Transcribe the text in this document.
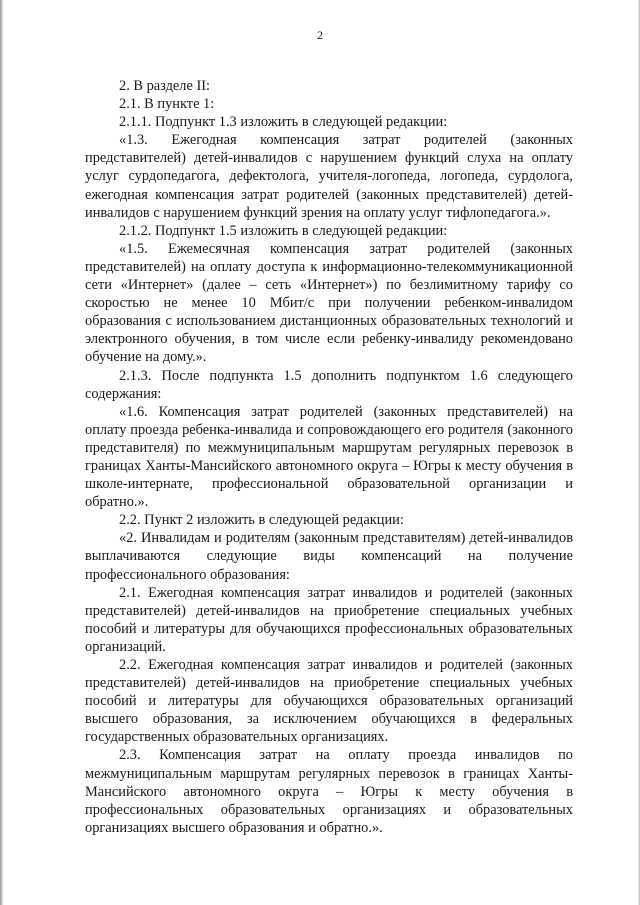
2

2. В разделе II:

2.1. В пункте 1:

2.1.1. Подпункт 1.3 изложить в следующей редакции:

«1.3. Ежегодная компенсация затрат родителей (законных представителей) детей-инвалидов с нарушением функций слуха на оплату услуг сурдопедагога, дефектолога, учителя-логопеда, логопеда, сурдолога, ежегодная компенсация затрат родителей (законных представителей) детей-инвалидов с нарушением функций зрения на оплату услуг тифлопедагога.».

2.1.2. Подпункт 1.5 изложить в следующей редакции:

«1.5. Ежемесячная компенсация затрат родителей (законных представителей) на оплату доступа к информационно-телекоммуникационной сети «Интернет» (далее – сеть «Интернет») по безлимитному тарифу со скоростью не менее 10 Мбит/с при получении ребенком-инвалидом образования с использованием дистанционных образовательных технологий и электронного обучения, в том числе если ребенку-инвалиду рекомендовано обучение на дому.».

2.1.3. После подпункта 1.5 дополнить подпунктом 1.6 следующего содержания:

«1.6. Компенсация затрат родителей (законных представителей) на оплату проезда ребенка-инвалида и сопровождающего его родителя (законного представителя) по межмуниципальным маршрутам регулярных перевозок в границах Ханты-Мансийского автономного округа – Югры к месту обучения в школе-интернате, профессиональной образовательной организации и обратно.».

2.2. Пункт 2 изложить в следующей редакции:

«2. Инвалидам и родителям (законным представителям) детей-инвалидов выплачиваются следующие виды компенсаций на получение профессионального образования:

2.1. Ежегодная компенсация затрат инвалидов и родителей (законных представителей) детей-инвалидов на приобретение специальных учебных пособий и литературы для обучающихся профессиональных образовательных организаций.

2.2. Ежегодная компенсация затрат инвалидов и родителей (законных представителей) детей-инвалидов на приобретение специальных учебных пособий и литературы для обучающихся образовательных организаций высшего образования, за исключением обучающихся в федеральных государственных образовательных организациях.

2.3. Компенсация затрат на оплату проезда инвалидов по межмуниципальным маршрутам регулярных перевозок в границах Ханты-Мансийского автономного округа – Югры к месту обучения в профессиональных образовательных организациях и образовательных организациях высшего образования и обратно.».
